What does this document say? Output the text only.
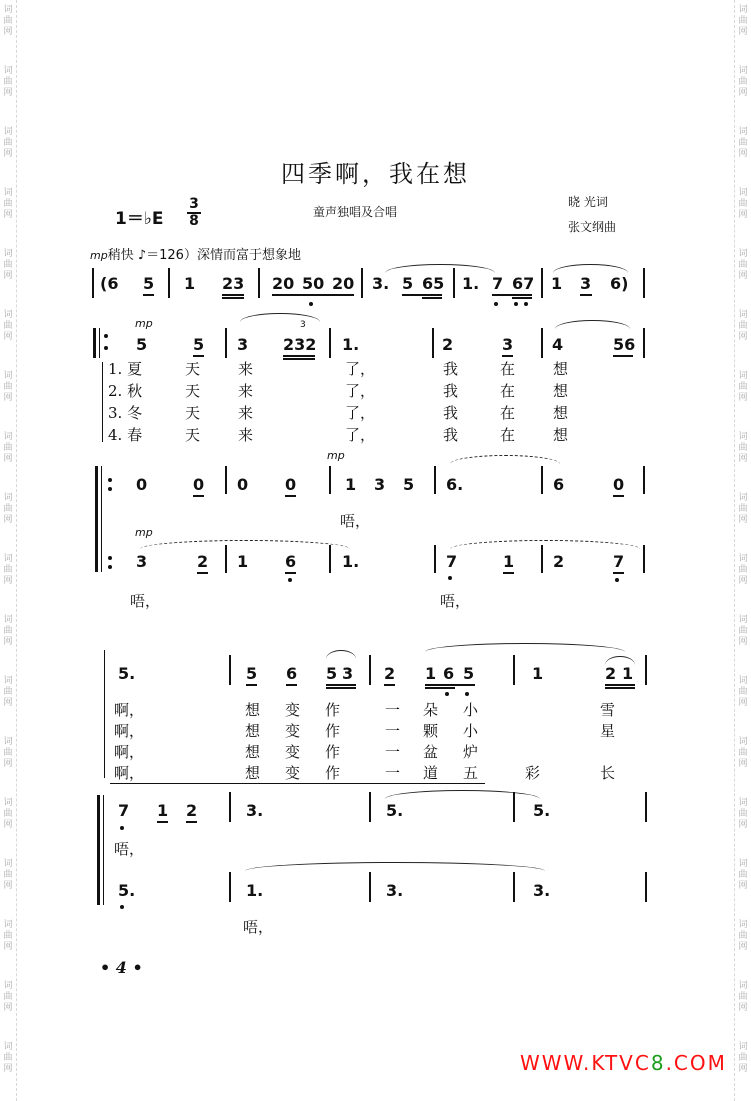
词
曲
网
词
曲
网
词
曲
网
词
曲
网
词
曲
网
词
曲
网
词
曲
网
词
曲
网
词
曲
网
词
曲
网
词
曲
网
词
曲
网
词
曲
网
词
曲
网
词
曲
网
词
曲
网
词
曲
网
词
曲
网
词
曲
网
词
曲
网
词
曲
网
词
曲
网
词
曲
网
词
曲
网
词
曲
网
词
曲
网
词
曲
网
词
曲
网
词
曲
网
词
曲
网
词
曲
网
词
曲
网
词
曲
网
词
曲
网
词
曲
网
词
曲
网
四季啊，我在想
1＝♭E
3
8
童声独唱及合唱
晓 光词
张文纲曲
mp稍快 ♪＝126）深情而富于想象地
(6 5 1 23 20 50 20 3. 5 65 1. 7 67 1 3 6)
mp
5	5
3
3 232 1.	2	3 4	56
1. 夏	天	来	了，	我	在	想
2. 秋	天	来	了，	我	在	想
3. 冬	天	来	了，	我	在	想
4. 春	天	来	了，	我	在	想
mp
0	0 0 0	1 3 5 6.	6	0
唔，
mp
3	2 1 6	1.	7	1 2	7
唔，	唔，
5.	5 6 5 3 2 1 6 5	1	2 1
啊，	想 变 作	一 朵 小	雪
啊，	想 变 作	一 颗 小	星
啊，	想 变 作	一 盆 炉
啊，	想 变 作	一 道 五	彩	长
7 1 2	3.	5.	5.
唔，
5.	1.	3.	3.
唔，
• 4 •
WWW.KTVC8.COM
